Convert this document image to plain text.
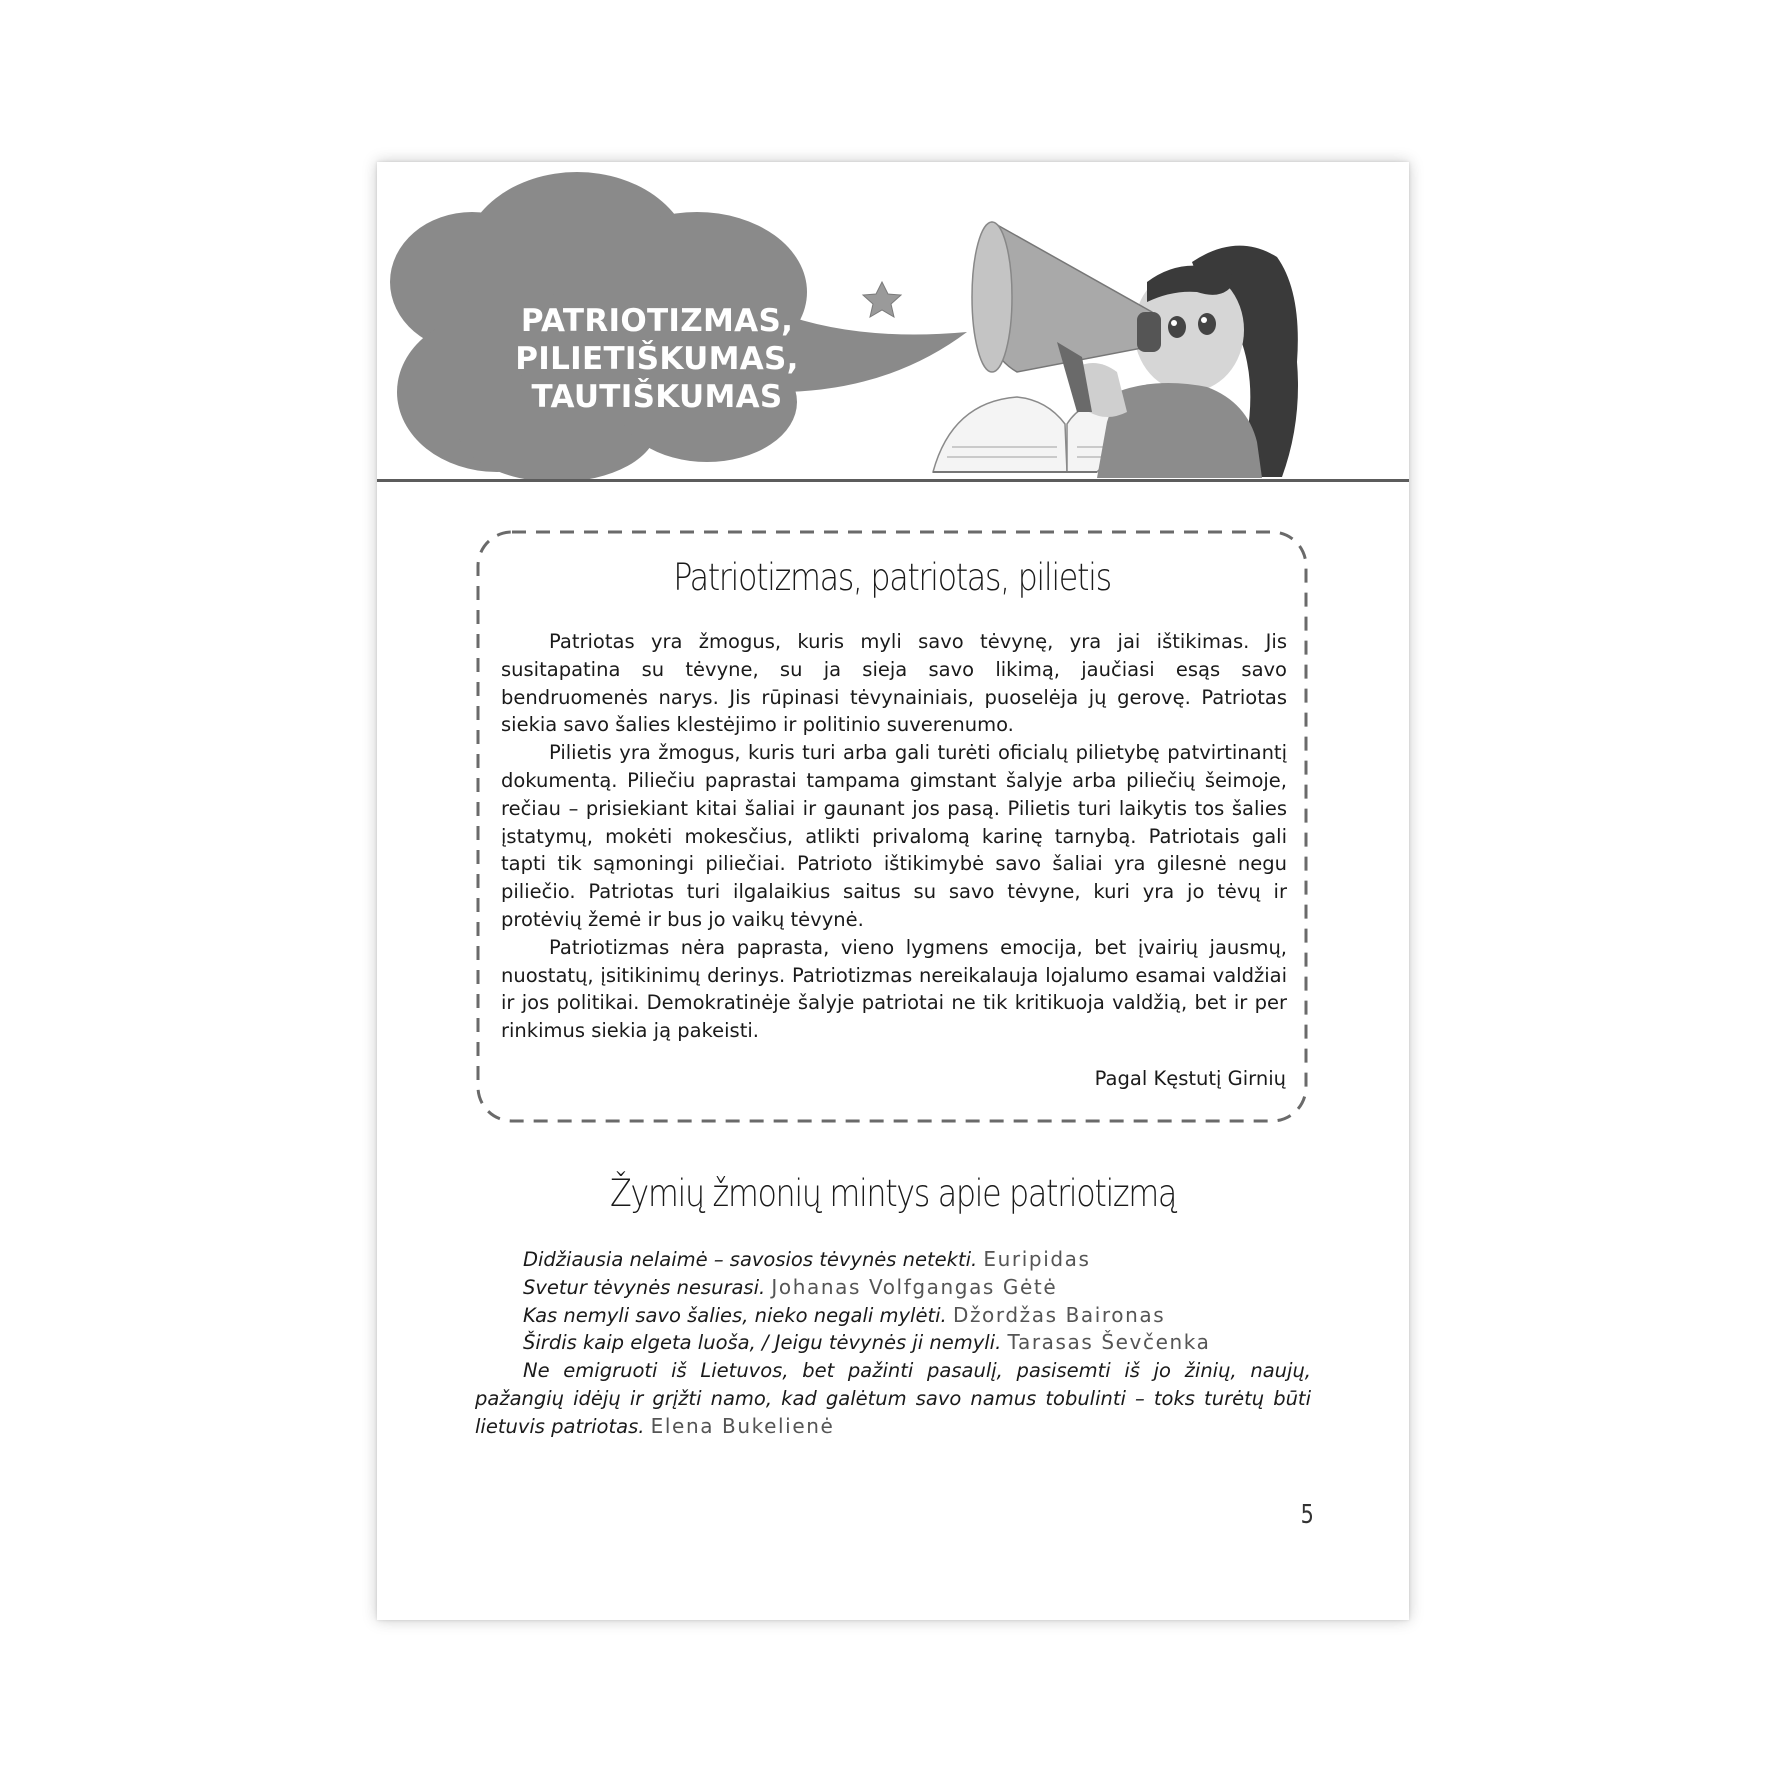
PATRIOTIZMAS,
PILIETIŠKUMAS,
TAUTIŠKUMAS
Patriotizmas, patriotas, pilietis

Patriotas yra žmogus, kuris myli savo tėvynę, yra jai ištikimas. Jis susitapatina su tėvyne, su ja sieja savo likimą, jaučiasi esąs savo bendruomenės narys. Jis rūpinasi tėvynainiais, puoselėja jų gerovę. Patriotas siekia savo šalies klestėjimo ir politinio suverenumo.

Pilietis yra žmogus, kuris turi arba gali turėti oficialų pilietybę patvirtinantį dokumentą. Piliečiu paprastai tampama gimstant šalyje arba piliečių šeimoje, rečiau – prisiekiant kitai šaliai ir gaunant jos pasą. Pilietis turi laikytis tos šalies įstatymų, mokėti mokesčius, atlikti privalomą karinę tarnybą. Patriotais gali tapti tik sąmoningi piliečiai. Patrioto ištikimybė savo šaliai yra gilesnė negu piliečio. Patriotas turi ilgalaikius saitus su savo tėvyne, kuri yra jo tėvų ir protėvių žemė ir bus jo vaikų tėvynė.

Patriotizmas nėra paprasta, vieno lygmens emocija, bet įvairių jausmų, nuostatų, įsitikinimų derinys. Patriotizmas nereikalauja lojalumo esamai valdžiai ir jos politikai. Demokratinėje šalyje patriotai ne tik kritikuoja valdžią, bet ir per rinkimus siekia ją pakeisti.

Pagal Kęstutį Girnių
Žymių žmonių mintys apie patriotizmą
Didžiausia nelaimė – savosios tėvynės netekti. Euripidas
Svetur tėvynės nesurasi. Johanas Volfgangas Gėtė
Kas nemyli savo šalies, nieko negali mylėti. Džordžas Baironas
Širdis kaip elgeta luoša, / Jeigu tėvynės ji nemyli. Tarasas Ševčenka
Ne emigruoti iš Lietuvos, bet pažinti pasaulį, pasisemti iš jo žinių, naujų, pažangių idėjų ir grįžti namo, kad galėtum savo namus tobulinti – toks turėtų būti lietuvis patriotas. Elena Bukelienė
5
